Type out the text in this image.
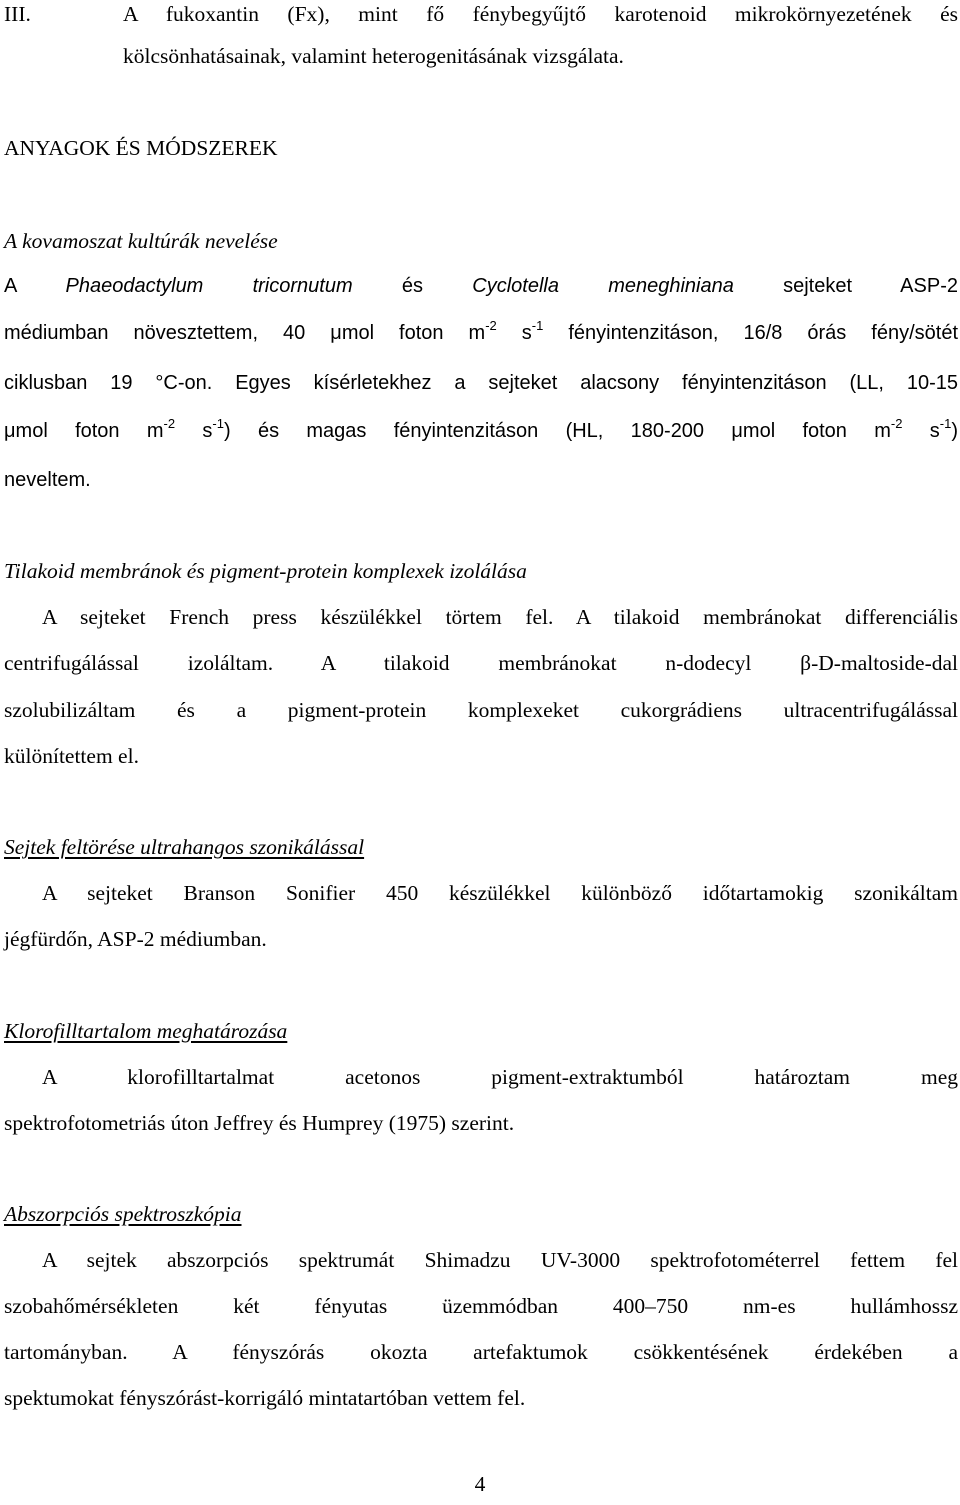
III.	A fukoxantin (Fx), mint fő fénybegyűjtő karotenoid mikrokörnyezetének és
kölcsönhatásainak, valamint heterogenitásának vizsgálata.
ANYAGOK ÉS MÓDSZEREK
A kovamoszat kultúrák nevelése
A Phaeodactylum tricornutum és Cyclotella meneghiniana sejteket ASP-2
médiumban növesztettem, 40 μmol foton $m^{-2}$ $s^{-1}$ fényintenzitáson, 16/8 órás fény/sötét
ciklusban 19 °C-on. Egyes kísérletekhez a sejteket alacsony fényintenzitáson (LL, 10-15
μmol foton $m^{-2}$ $s^{-1}$) és magas fényintenzitáson (HL, 180-200 μmol foton $m^{-2}$ $s^{-1}$)
neveltem.
Tilakoid membránok és pigment-protein komplexek izolálása
A sejteket French press készülékkel törtem fel. A tilakoid membránokat differenciális
centrifugálással izoláltam. A tilakoid membránokat n-dodecyl β-D-maltoside-dal
szolubilizáltam és a pigment-protein komplexeket cukorgrádiens ultracentrifugálással
különítettem el.
Sejtek feltörése ultrahangos szonikálással
A sejteket Branson Sonifier 450 készülékkel különböző időtartamokig szonikáltam
jégfürdőn, ASP-2 médiumban.
Klorofilltartalom meghatározása
A klorofilltartalmat acetonos pigment-extraktumból határoztam meg
spektrofotometriás úton Jeffrey és Humprey (1975) szerint.
Abszorpciós spektroszkópia
A sejtek abszorpciós spektrumát Shimadzu UV-3000 spektrofotométerrel fettem fel
szobahőmérsékleten két fényutas üzemmódban 400–750 nm-es hullámhossz
tartományban. A fényszórás okozta artefaktumok csökkentésének érdekében a
spektumokat fényszórást-korrigáló mintatartóban vettem fel.
4
